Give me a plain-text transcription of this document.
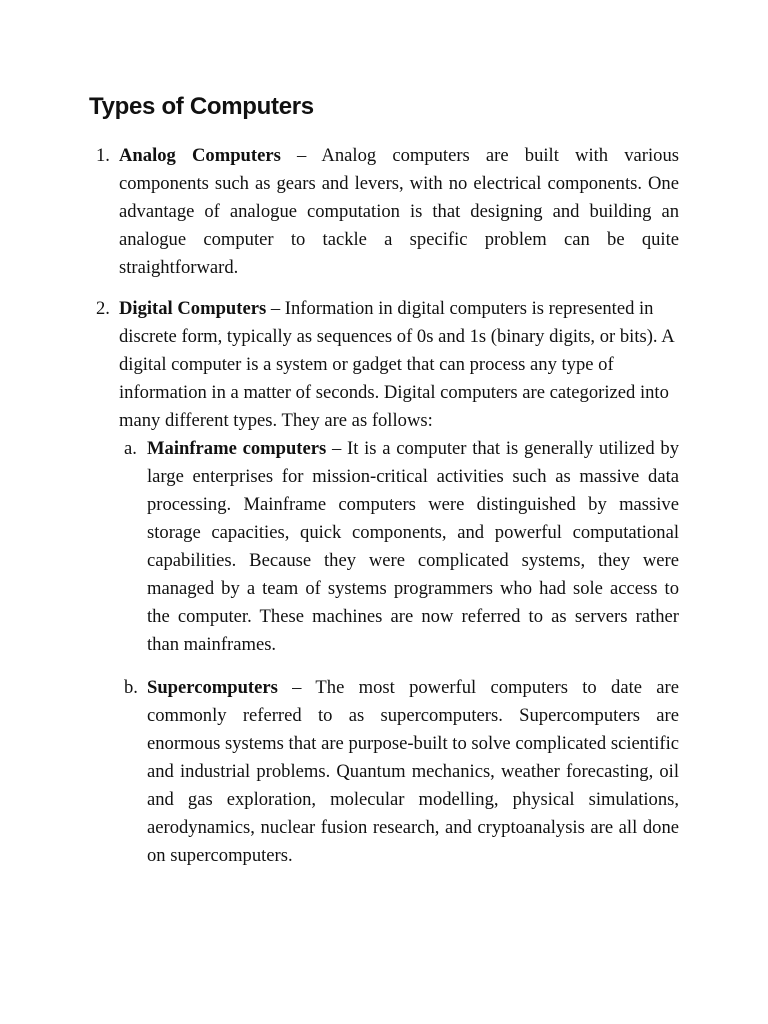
Types of Computers
1. Analog Computers – Analog computers are built with various components such as gears and levers, with no electrical components. One advantage of analogue computation is that designing and building an analogue computer to tackle a specific problem can be quite straightforward.

2. Digital Computers – Information in digital computers is represented in discrete form, typically as sequences of 0s and 1s (binary digits, or bits). A digital computer is a system or gadget that can process any type of information in a matter of seconds. Digital computers are categorized into many different types. They are as follows:

a. Mainframe computers – It is a computer that is generally utilized by large enterprises for mission-critical activities such as massive data processing. Mainframe computers were distinguished by massive storage capacities, quick components, and powerful computational capabilities. Because they were complicated systems, they were managed by a team of systems programmers who had sole access to the computer. These machines are now referred to as servers rather than mainframes.

b. Supercomputers – The most powerful computers to date are commonly referred to as supercomputers. Supercomputers are enormous systems that are purpose-built to solve complicated scientific and industrial problems. Quantum mechanics, weather forecasting, oil and gas exploration, molecular modelling, physical simulations, aerodynamics, nuclear fusion research, and cryptoanalysis are all done on supercomputers.
